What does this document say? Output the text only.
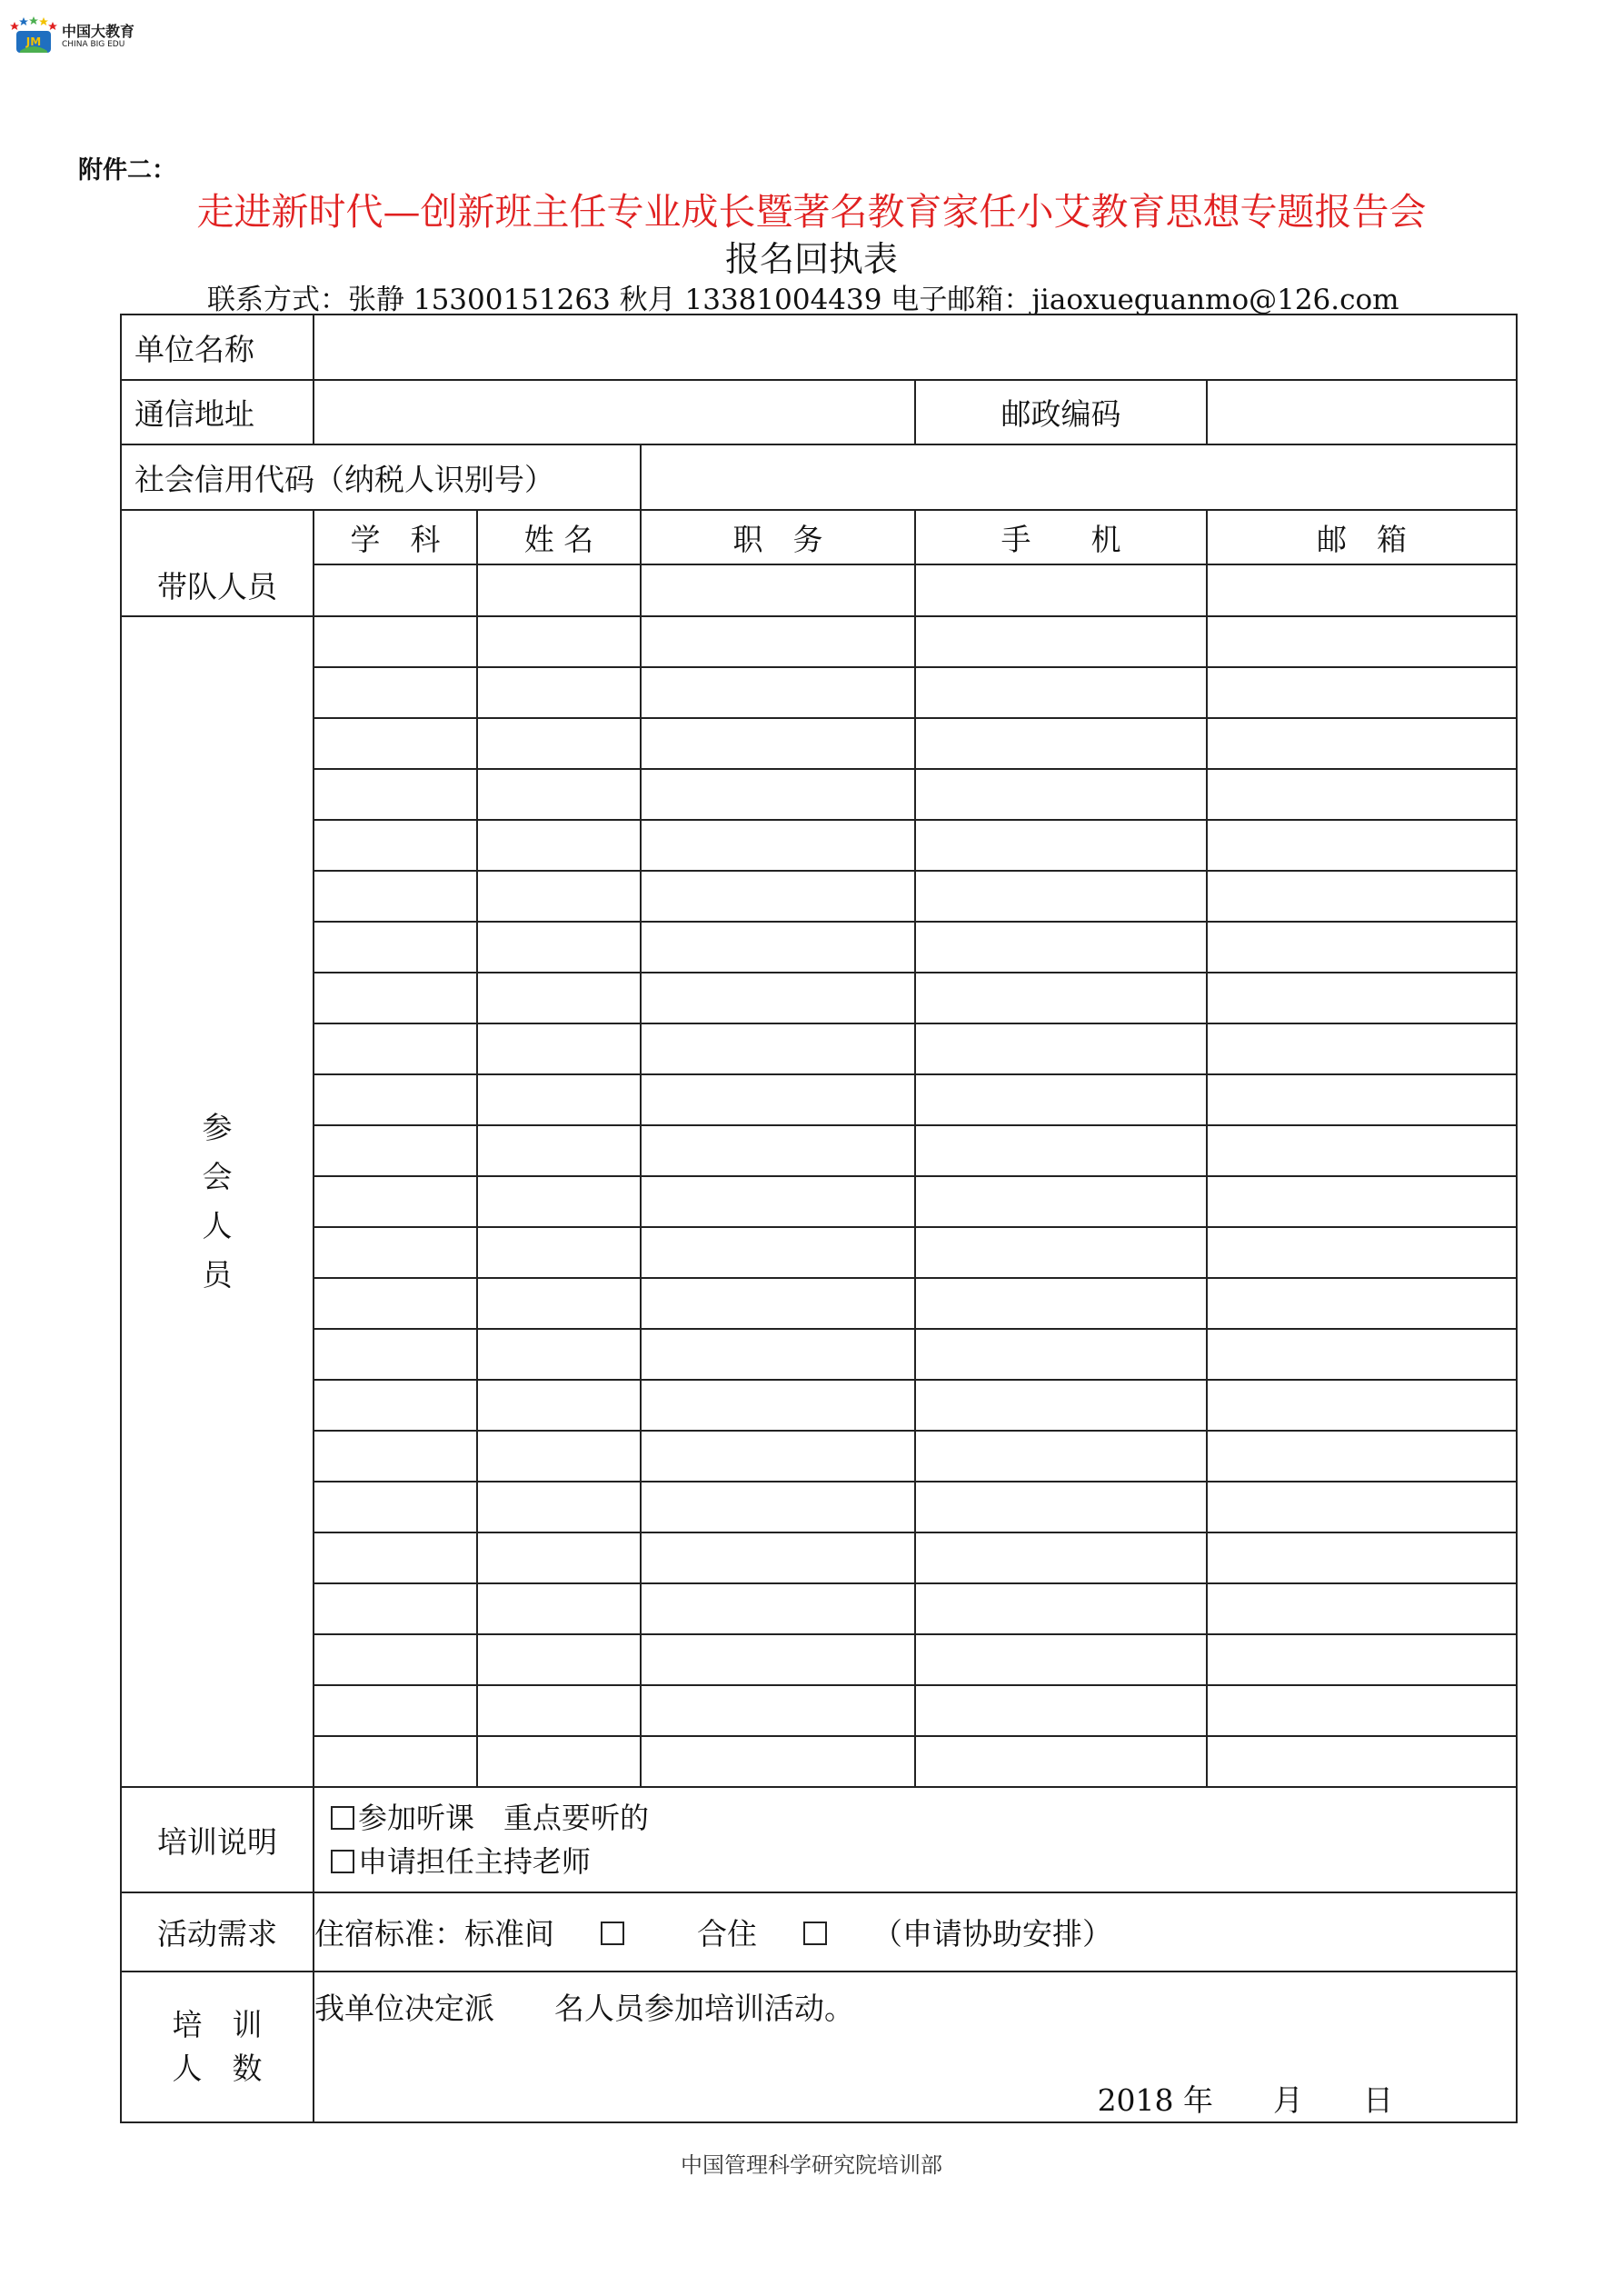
JM
中国大教育
CHINA BIG EDU
附件二：
走进新时代—创新班主任专业成长暨著名教育家任小艾教育思想专题报告会
报名回执表
联系方式：张静 15300151263 秋月 13381004439 电子邮箱：jiaoxueguanmo@126.com
单位名称					
通信地址				邮政编码	
社会信用代码（纳税人识别号）					
带队人员	学　科	姓 名	职　务	手　　机	邮　箱

参
会
人
员					

培训说明	参加听课　重点要听的
申请担任主持老师				

活动需求	住宿标准：标准间 合住 （申请协助安排）				

培　训
人　数	我单位决定派　　名人员参加培训活动。
2018 年　　月　　日				
中国管理科学研究院培训部
